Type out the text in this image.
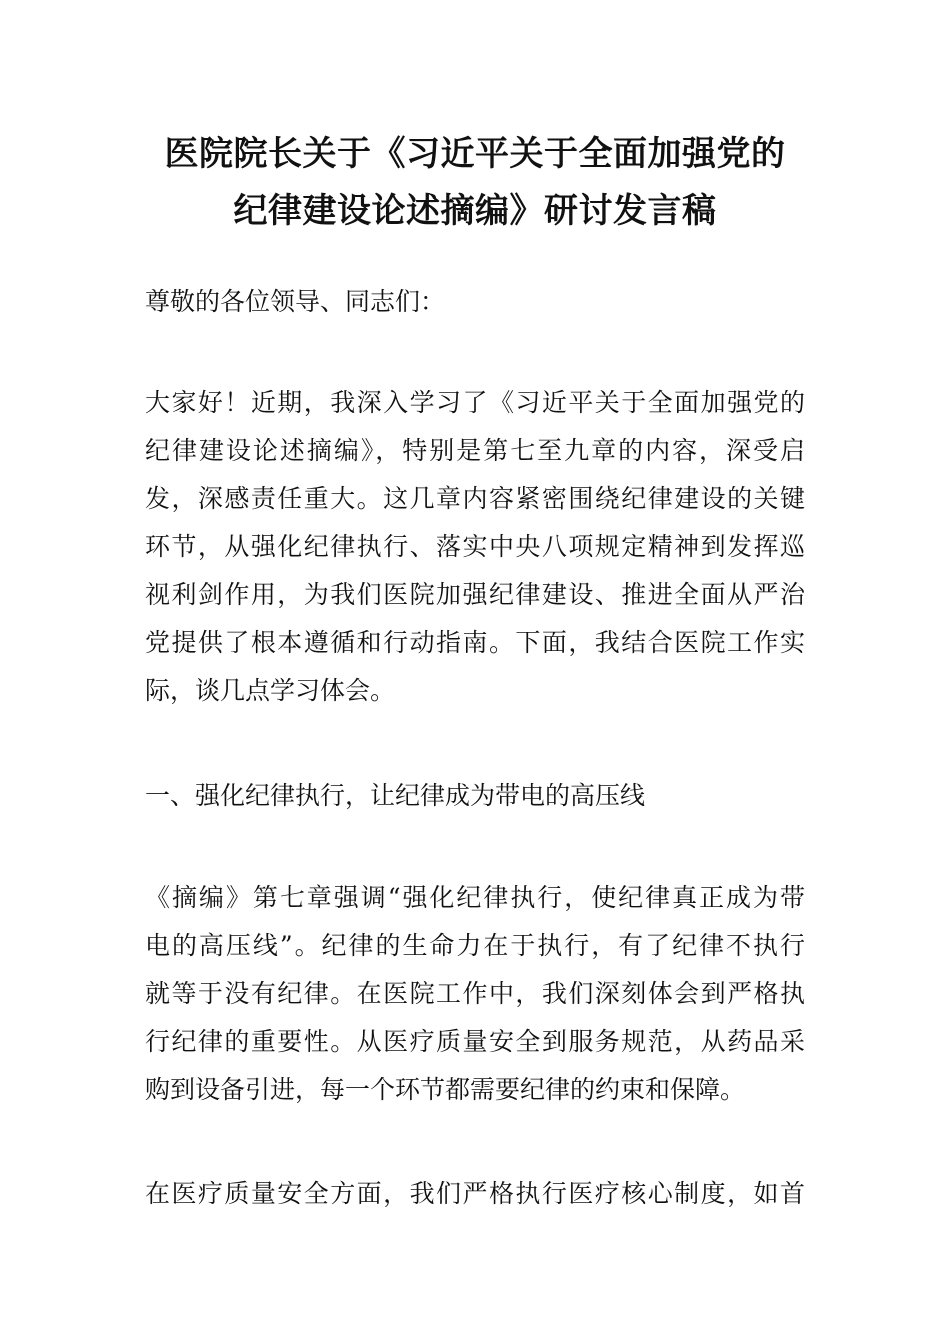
医院院长关于《习近平关于全面加强党的
纪律建设论述摘编》研讨发言稿
尊敬的各位领导、同志们：
大家好！近期，我深入学习了《习近平关于全面加强党的
纪律建设论述摘编》，特别是第七至九章的内容，深受启
发，深感责任重大。这几章内容紧密围绕纪律建设的关键
环节，从强化纪律执行、落实中央八项规定精神到发挥巡
视利剑作用，为我们医院加强纪律建设、推进全面从严治
党提供了根本遵循和行动指南。下面，我结合医院工作实
际，谈几点学习体会。
一、强化纪律执行，让纪律成为带电的高压线
《摘编》第七章强调“强化纪律执行，使纪律真正成为带
电的高压线”。纪律的生命力在于执行，有了纪律不执行
就等于没有纪律。在医院工作中，我们深刻体会到严格执
行纪律的重要性。从医疗质量安全到服务规范，从药品采
购到设备引进，每一个环节都需要纪律的约束和保障。
在医疗质量安全方面，我们严格执行医疗核心制度，如首
